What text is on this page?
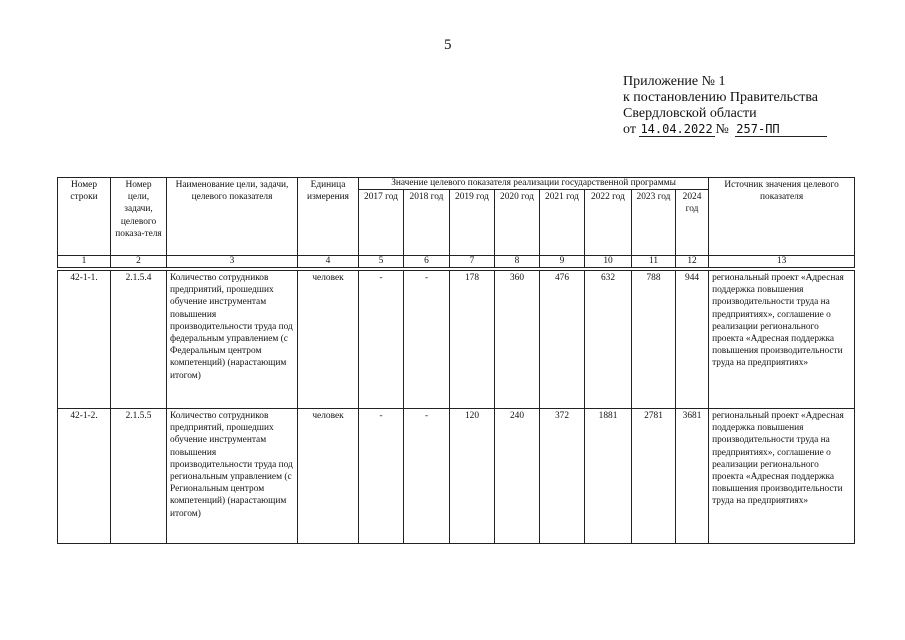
5
Приложение № 1
к постановлению Правительства
Свердловской области
от 14.04.2022 № 257-ПП
Номер строки	Номер цели, задачи, целевого показа-теля	Наименование цели, задачи, целевого показателя	Единица измерения	Значение целевого показателя реализации государственной программы								Источник значения целевого показателя
				2017 год	2018 год	2019 год	2020 год	2021 год	2022 год	2023 год	2024 год	
1	2	3	4	5	6	7	8	9	10	11	12	13

42-1-1.	2.1.5.4	Количество сотрудников предприятий, прошедших обучение инструментам повышения производительности труда под федеральным управлением (с Федеральным центром компетенций) (нарастающим итогом)	человек	-	-	178	360	476	632	788	944	региональный проект «Адресная поддержка повышения производительности труда на предприятиях», соглашение о реализации регионального проекта «Адресная поддержка повышения производительности труда на предприятиях»
42-1-2.	2.1.5.5	Количество сотрудников предприятий, прошедших обучение инструментам повышения производительности труда под региональным управлением (с Региональным центром компетенций) (нарастающим итогом)	человек	-	-	120	240	372	1881	2781	3681	региональный проект «Адресная поддержка повышения производительности труда на предприятиях», соглашение о реализации регионального проекта «Адресная поддержка повышения производительности труда на предприятиях»
